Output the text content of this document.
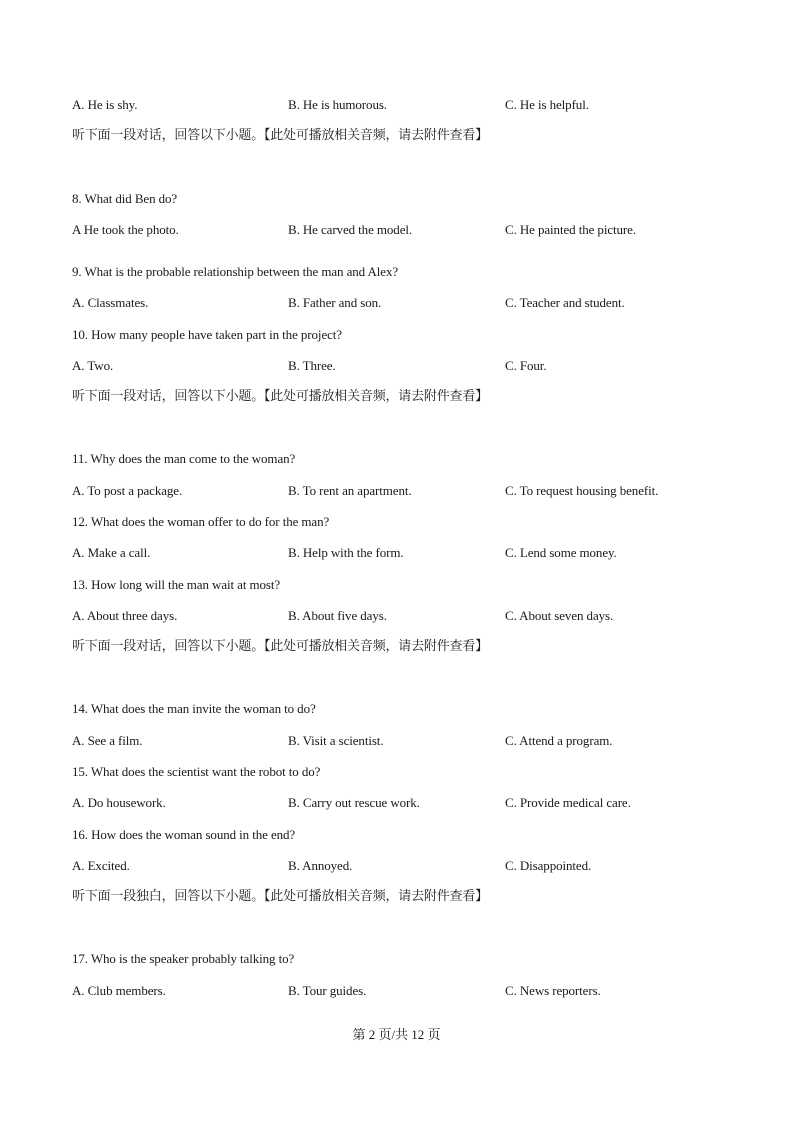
A. He is shy.	B. He is humorous.	C. He is helpful.
听下面一段对话，回答以下小题。【此处可播放相关音频，请去附件查看】
8. What did Ben do?
A He took the photo.	B. He carved the model.	C. He painted the picture.
9. What is the probable relationship between the man and Alex?
A. Classmates.	B. Father and son.	C. Teacher and student.
10. How many people have taken part in the project?
A. Two.	B. Three.	C. Four.
听下面一段对话，回答以下小题。【此处可播放相关音频，请去附件查看】
11. Why does the man come to the woman?
A. To post a package.	B. To rent an apartment.	C. To request housing benefit.
12. What does the woman offer to do for the man?
A. Make a call.	B. Help with the form.	C. Lend some money.
13. How long will the man wait at most?
A. About three days.	B. About five days.	C. About seven days.
听下面一段对话，回答以下小题。【此处可播放相关音频，请去附件查看】
14. What does the man invite the woman to do?
A. See a film.	B. Visit a scientist.	C. Attend a program.
15. What does the scientist want the robot to do?
A. Do housework.	B. Carry out rescue work.	C. Provide medical care.
16. How does the woman sound in the end?
A. Excited.	B. Annoyed.	C. Disappointed.
听下面一段独白，回答以下小题。【此处可播放相关音频，请去附件查看】
17. Who is the speaker probably talking to?
A. Club members.	B. Tour guides.	C. News reporters.
第 2 页/共 12 页
